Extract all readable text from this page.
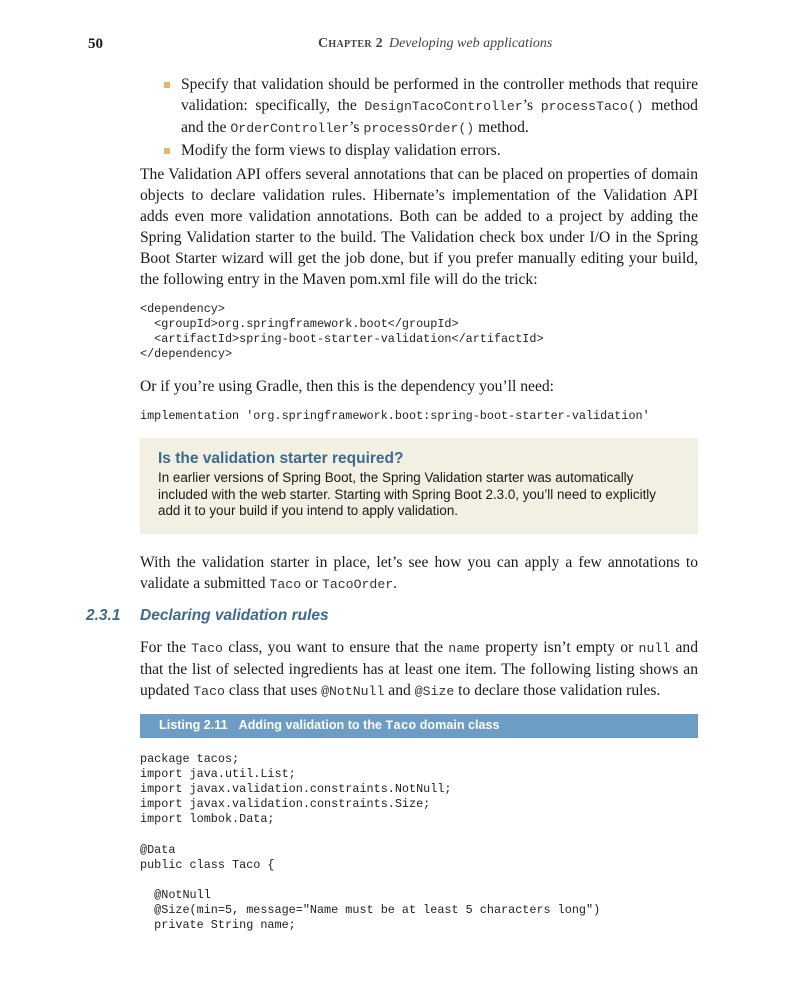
50	Chapter 2 Developing web applications
Specify that validation should be performed in the controller methods that require validation: specifically, the DesignTacoController’s processTaco() method and the OrderController’s processOrder() method.
Modify the form views to display validation errors.

The Validation API offers several annotations that can be placed on properties of domain objects to declare validation rules. Hibernate’s implementation of the Validation API adds even more validation annotations. Both can be added to a project by adding the Spring Validation starter to the build. The Validation check box under I/O in the Spring Boot Starter wizard will get the job done, but if you prefer manually editing your build, the following entry in the Maven pom.xml file will do the trick:

<dependency>
<groupId>org.springframework.boot</groupId>
<artifactId>spring-boot-starter-validation</artifactId>
</dependency>

Or if you’re using Gradle, then this is the dependency you’ll need:

implementation 'org.springframework.boot:spring-boot-starter-validation'
Is the validation starter required?
In earlier versions of Spring Boot, the Spring Validation starter was automatically included with the web starter. Starting with Spring Boot 2.3.0, you’ll need to explicitly add it to your build if you intend to apply validation.

With the validation starter in place, let’s see how you can apply a few annotations to validate a submitted Taco or TacoOrder.

2.3.1 Declaring validation rules

For the Taco class, you want to ensure that the name property isn’t empty or null and that the list of selected ingredients has at least one item. The following listing shows an updated Taco class that uses @NotNull and @Size to declare those validation rules.

Listing 2.11 Adding validation to the Taco domain class
package tacos;
import java.util.List;
import javax.validation.constraints.NotNull;
import javax.validation.constraints.Size;
import lombok.Data;

@Data
public class Taco {

@NotNull
@Size(min=5, message="Name must be at least 5 characters long")
private String name;
